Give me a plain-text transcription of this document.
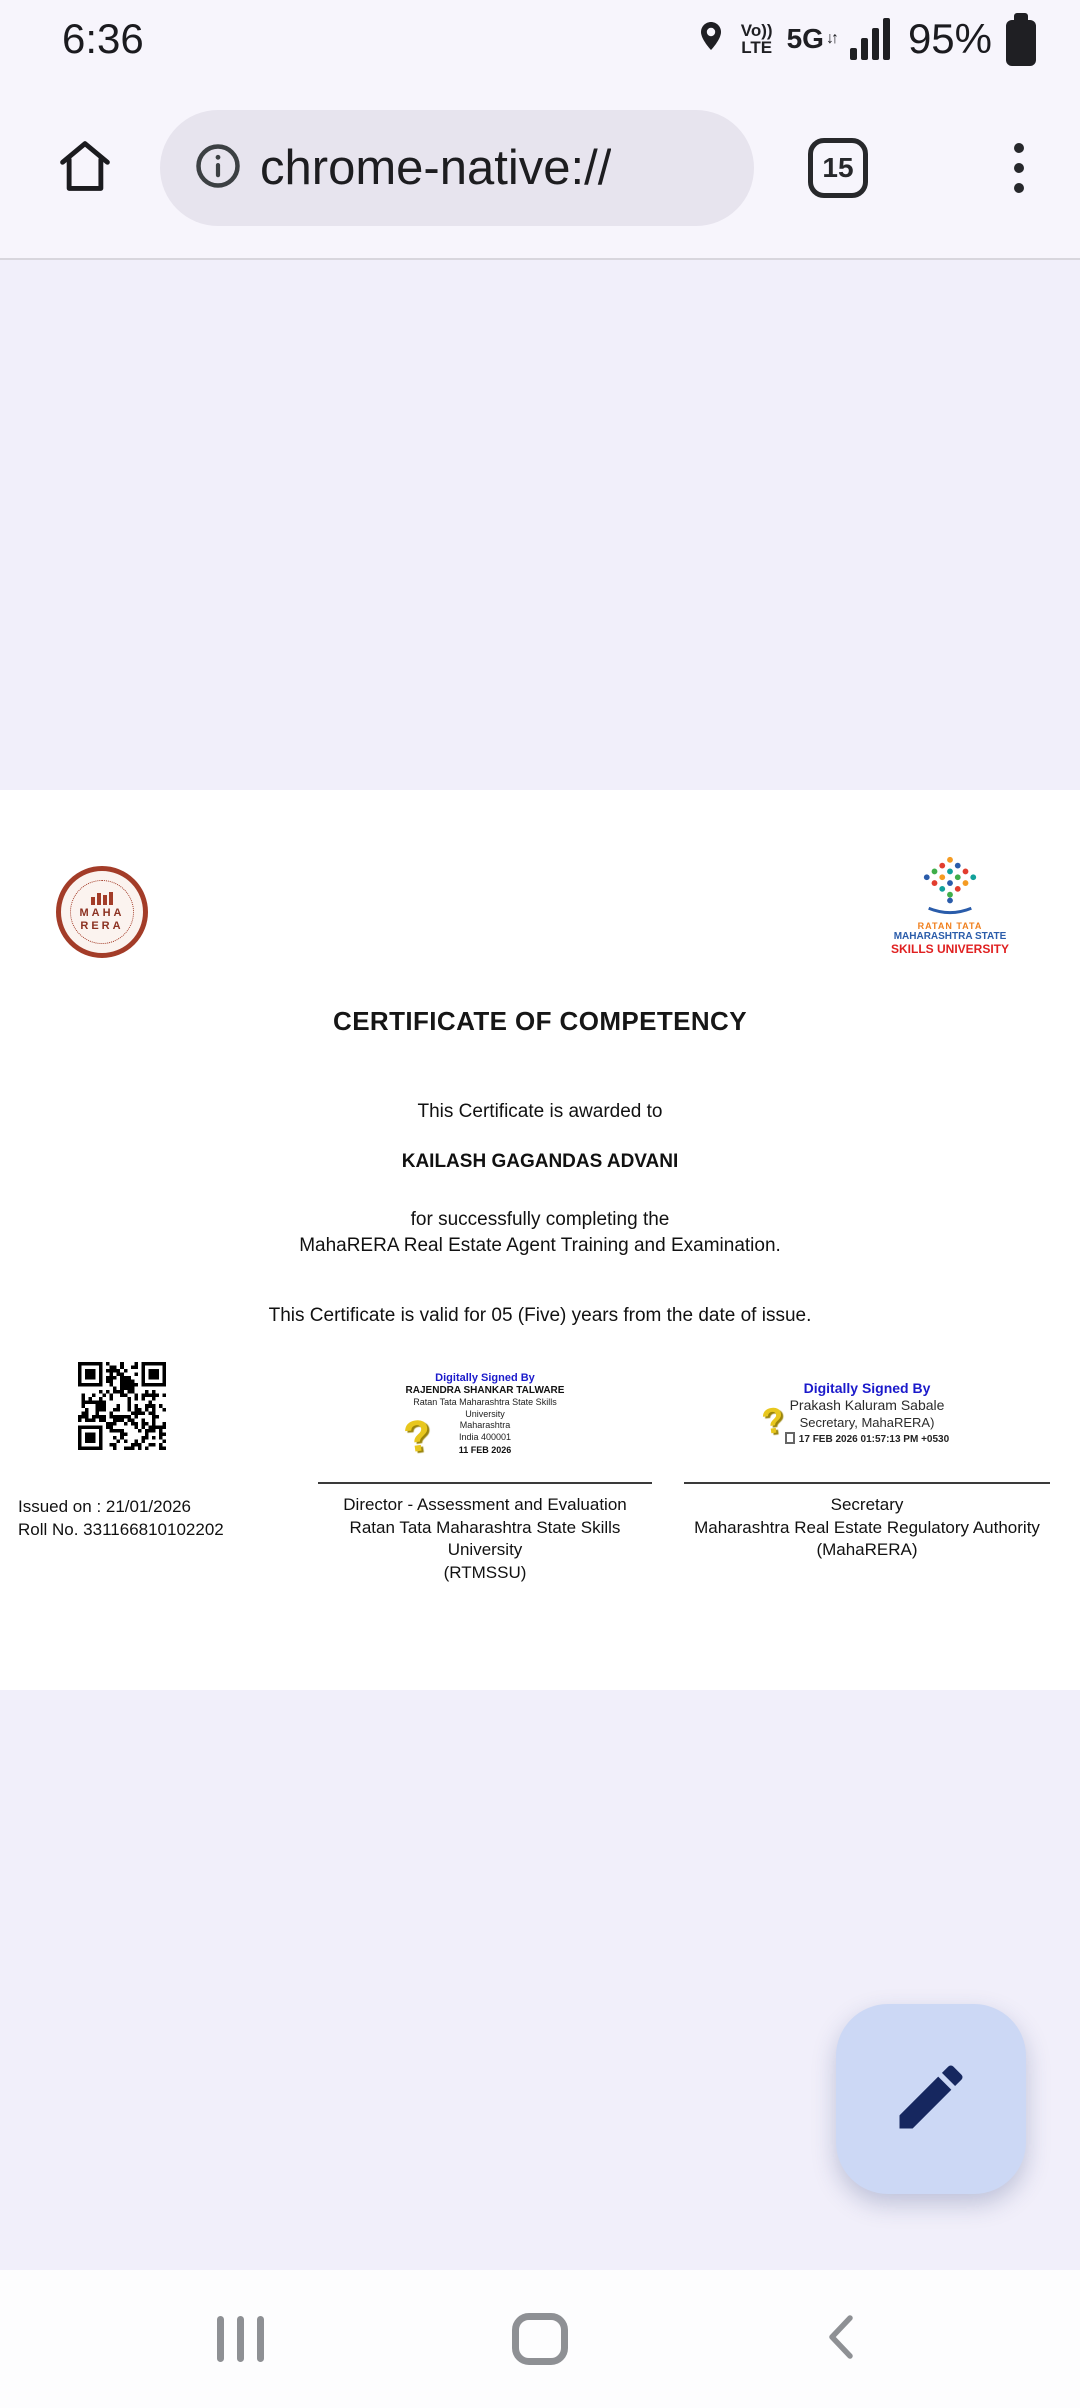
6:36	Vo))
LTE 5G ↓↑ 95%
chrome-native://	15
MAHA
RERA	RATAN TATA
MAHARASHTRA STATE
SKILLS UNIVERSITY
CERTIFICATE OF COMPETENCY

This Certificate is awarded to

KAILASH GAGANDAS ADVANI

for successfully completing the
MahaRERA Real Estate Agent Training and Examination.

This Certificate is valid for 05 (Five) years from the date of issue.

Issued on : 21/01/2026
Roll No. 331166810102202
Digitally Signed By
RAJENDRA SHANKAR TALWARE
Ratan Tata Maharashtra State Skills
University
Maharashtra
India 400001
11 FEB 2026
?
Director - Assessment and Evaluation
Ratan Tata Maharashtra State Skills University
(RTMSSU)
Digitally Signed By
Prakash Kaluram Sabale
Secretary, MahaRERA)
17 FEB 2026 01:57:13 PM +0530
?
Secretary
Maharashtra Real Estate Regulatory Authority
(MahaRERA)
